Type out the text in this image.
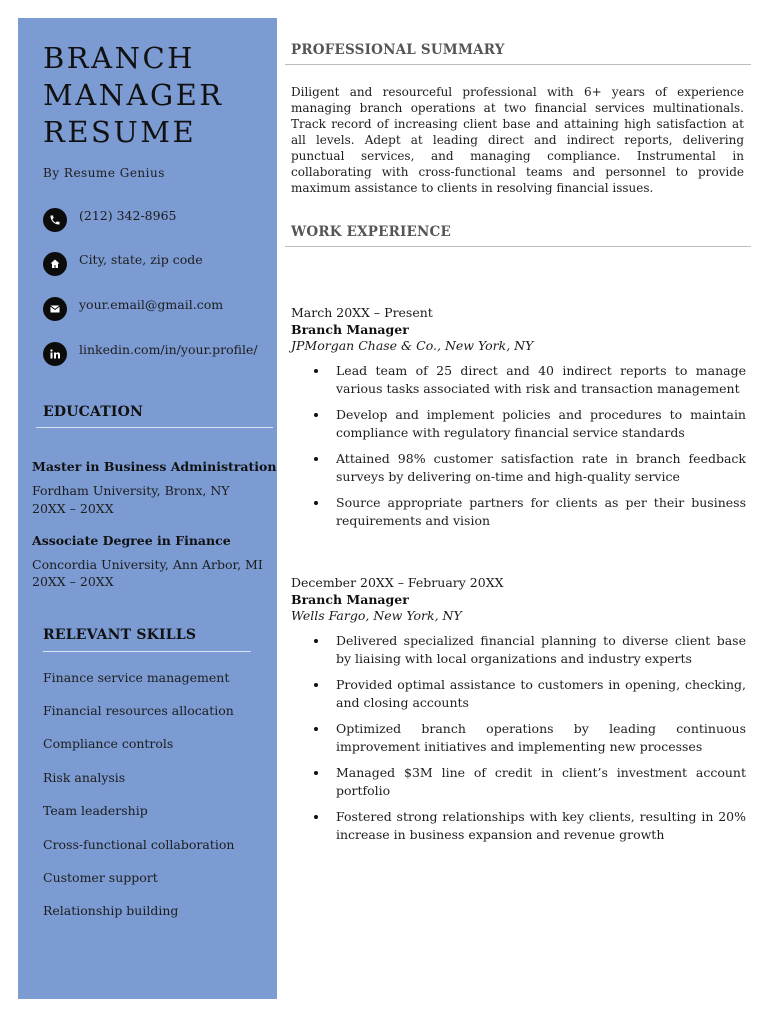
BRANCH
MANAGER
RESUME
By Resume Genius
(212) 342-8965
City, state, zip code
your.email@gmail.com
linkedin.com/in/your.profile/
EDUCATION
Master in Business Administration
Fordham University, Bronx, NY
20XX – 20XX
Associate Degree in Finance
Concordia University, Ann Arbor, MI
20XX – 20XX
RELEVANT SKILLS
Finance service management
Financial resources allocation
Compliance controls
Risk analysis
Team leadership
Cross-functional collaboration
Customer support
Relationship building
PROFESSIONAL SUMMARY

Diligent and resourceful professional with 6+ years of experience managing branch operations at two financial services multinationals. Track record of increasing client base and attaining high satisfaction at all levels. Adept at leading direct and indirect reports, delivering punctual services, and managing compliance. Instrumental in collaborating with cross-functional teams and personnel to provide maximum assistance to clients in resolving financial issues.

WORK EXPERIENCE
March 20XX – Present
Branch Manager
JPMorgan Chase & Co., New York, NY
Lead team of 25 direct and 40 indirect reports to manage various tasks associated with risk and transaction management
Develop and implement policies and procedures to maintain compliance with regulatory financial service standards
Attained 98% customer satisfaction rate in branch feedback surveys by delivering on-time and high-quality service
Source appropriate partners for clients as per their business requirements and vision
December 20XX – February 20XX
Branch Manager
Wells Fargo, New York, NY
Delivered specialized financial planning to diverse client base by liaising with local organizations and industry experts
Provided optimal assistance to customers in opening, checking, and closing accounts
Optimized branch operations by leading continuous improvement initiatives and implementing new processes
Managed $3M line of credit in client’s investment account portfolio
Fostered strong relationships with key clients, resulting in 20% increase in business expansion and revenue growth
